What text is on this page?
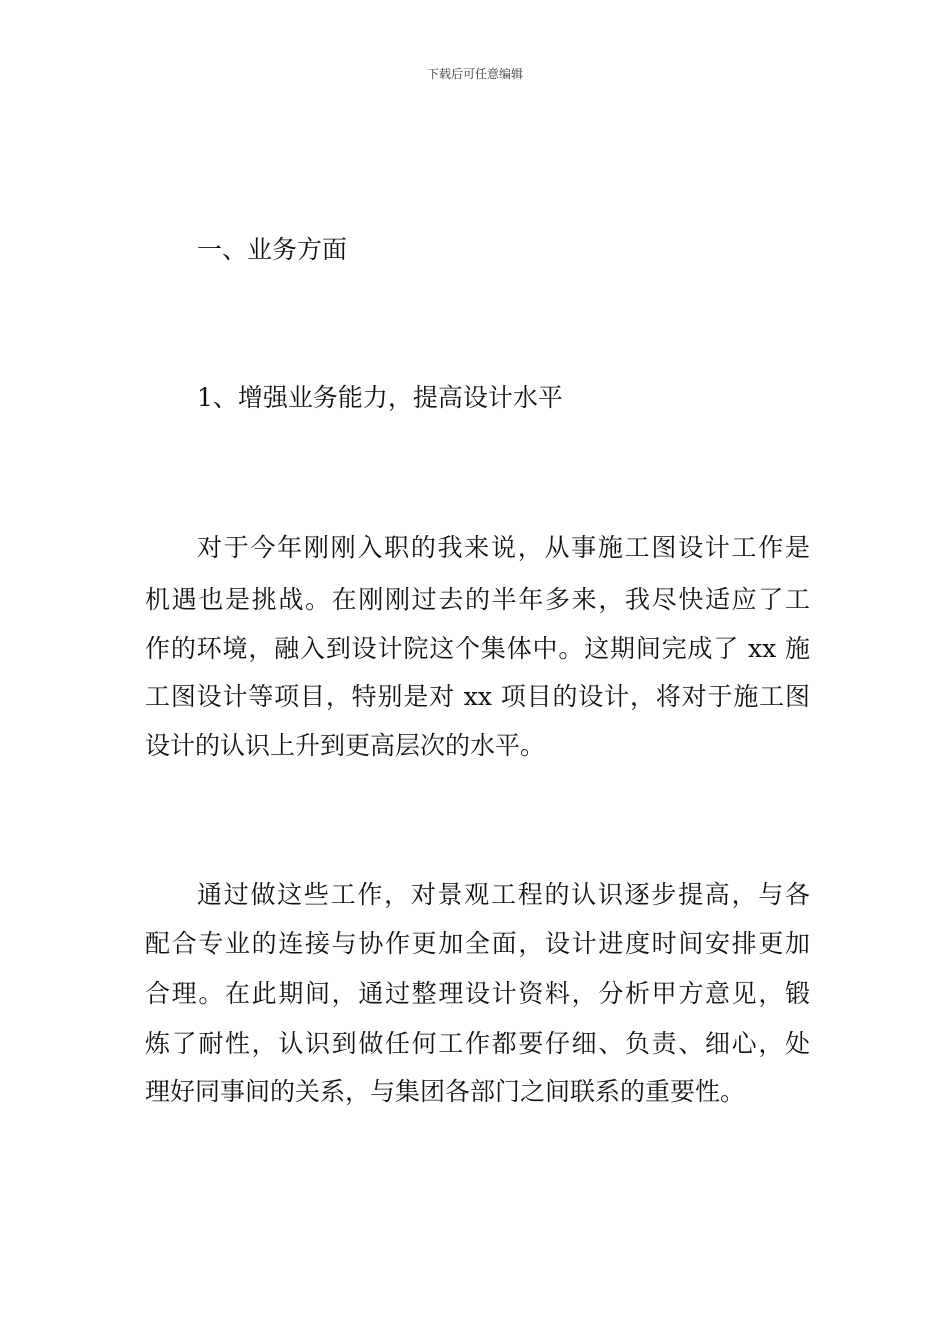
下载后可任意编辑
一、业务方面
1、增强业务能力，提高设计水平
对于今年刚刚入职的我来说，从事施工图设计工作是
机遇也是挑战。在刚刚过去的半年多来，我尽快适应了工
作的环境，融入到设计院这个集体中。这期间完成了 xx 施
工图设计等项目，特别是对 xx 项目的设计，将对于施工图
设计的认识上升到更高层次的水平。
通过做这些工作，对景观工程的认识逐步提高，与各
配合专业的连接与协作更加全面，设计进度时间安排更加
合理。在此期间，通过整理设计资料，分析甲方意见，锻
炼了耐性，认识到做任何工作都要仔细、负责、细心，处
理好同事间的关系，与集团各部门之间联系的重要性。
